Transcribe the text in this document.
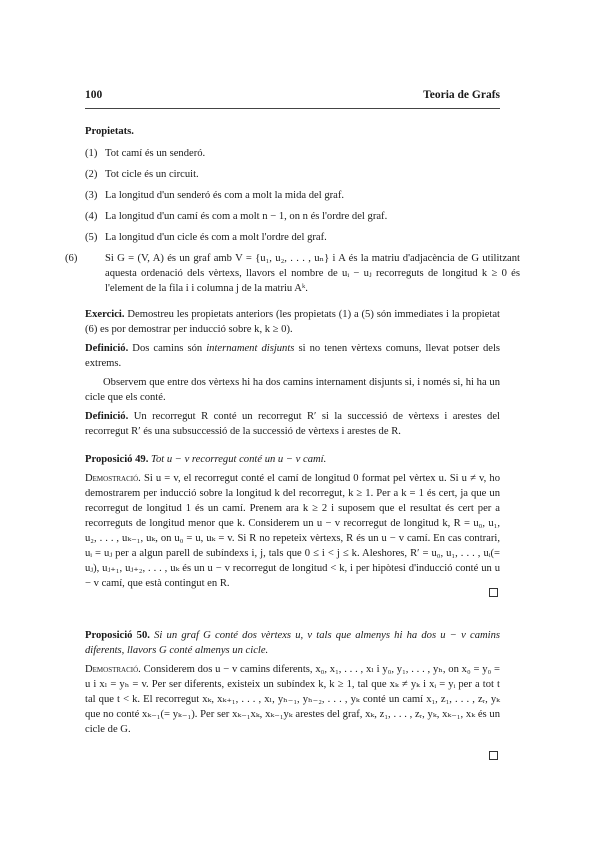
100	Teoria de Grafs
Propietats.
(1) Tot camí és un senderó.
(2) Tot cicle és un circuit.
(3) La longitud d'un senderó és com a molt la mida del graf.
(4) La longitud d'un camí és com a molt n − 1, on n és l'ordre del graf.
(5) La longitud d'un cicle és com a molt l'ordre del graf.
(6)	Si G = (V, A) és un graf amb V = {u₁, u₂, . . . , uₙ} i A és la matriu d'adjacència de G utilitzant aquesta ordenació dels vèrtexs, llavors el nombre de uᵢ − uⱼ recorreguts de longitud k ≥ 0 és l'element de la fila i i columna j de la matriu Aᵏ.
Exercici. Demostreu les propietats anteriors (les propietats (1) a (5) són immediates i la propietat (6) es por demostrar per inducció sobre k, k ≥ 0).
Definició. Dos camins són internament disjunts si no tenen vèrtexs comuns, llevat potser dels extrems.
Observem que entre dos vèrtexs hi ha dos camins internament disjunts si, i només si, hi ha un cicle que els conté.
Definició. Un recorregut R conté un recorregut R′ si la successió de vèrtexs i arestes del recorregut R′ és una subsuccessió de la successió de vèrtexs i arestes de R.
Proposició 49. Tot u − v recorregut conté un u − v camí.
Demostració. Si u = v, el recorregut conté el camí de longitud 0 format pel vèrtex u. Si u ≠ v, ho demostrarem per inducció sobre la longitud k del recorregut, k ≥ 1. Per a k = 1 és cert, ja que un recorregut de longitud 1 és un camí. Prenem ara k ≥ 2 i suposem que el resultat és cert per a recorreguts de longitud menor que k. Considerem un u − v recorregut de longitud k, R = u₀, u₁, u₂, . . . , uₖ₋₁, uₖ, on u₀ = u, uₖ = v. Si R no repeteix vèrtexs, R és un u − v camí. En cas contrari, uᵢ = uⱼ per a algun parell de subíndexs i, j, tals que 0 ≤ i < j ≤ k. Aleshores, R′ = u₀, u₁, . . . , uᵢ(= uⱼ), uⱼ₊₁, uⱼ₊₂, . . . , uₖ és un u − v recorregut de longitud < k, i per hipòtesi d'inducció conté un u − v camí, que està contingut en R.
Proposició 50. Si un graf G conté dos vèrtexs u, v tals que almenys hi ha dos u − v camins diferents, llavors G conté almenys un cicle.
Demostració. Considerem dos u − v camins diferents, x₀, x₁, . . . , xₗ i y₀, y₁, . . . , yₕ, on x₀ = y₀ = u i xₗ = yₕ = v. Per ser diferents, existeix un subíndex k, k ≥ 1, tal que xₖ ≠ yₖ i xᵢ = yᵢ per a tot t tal que t < k. El recorregut xₖ, xₖ₊₁, . . . , xₗ, yₕ₋₁, yₕ₋₂, . . . , yₖ conté un camí x₁, z₁, . . . , zᵣ, yₖ que no conté xₖ₋₁(= yₖ₋₁). Per ser xₖ₋₁xₖ, xₖ₋₁yₖ arestes del graf, xₖ, z₁, . . . , zᵣ, yₖ, xₖ₋₁, xₖ és un cicle de G.
